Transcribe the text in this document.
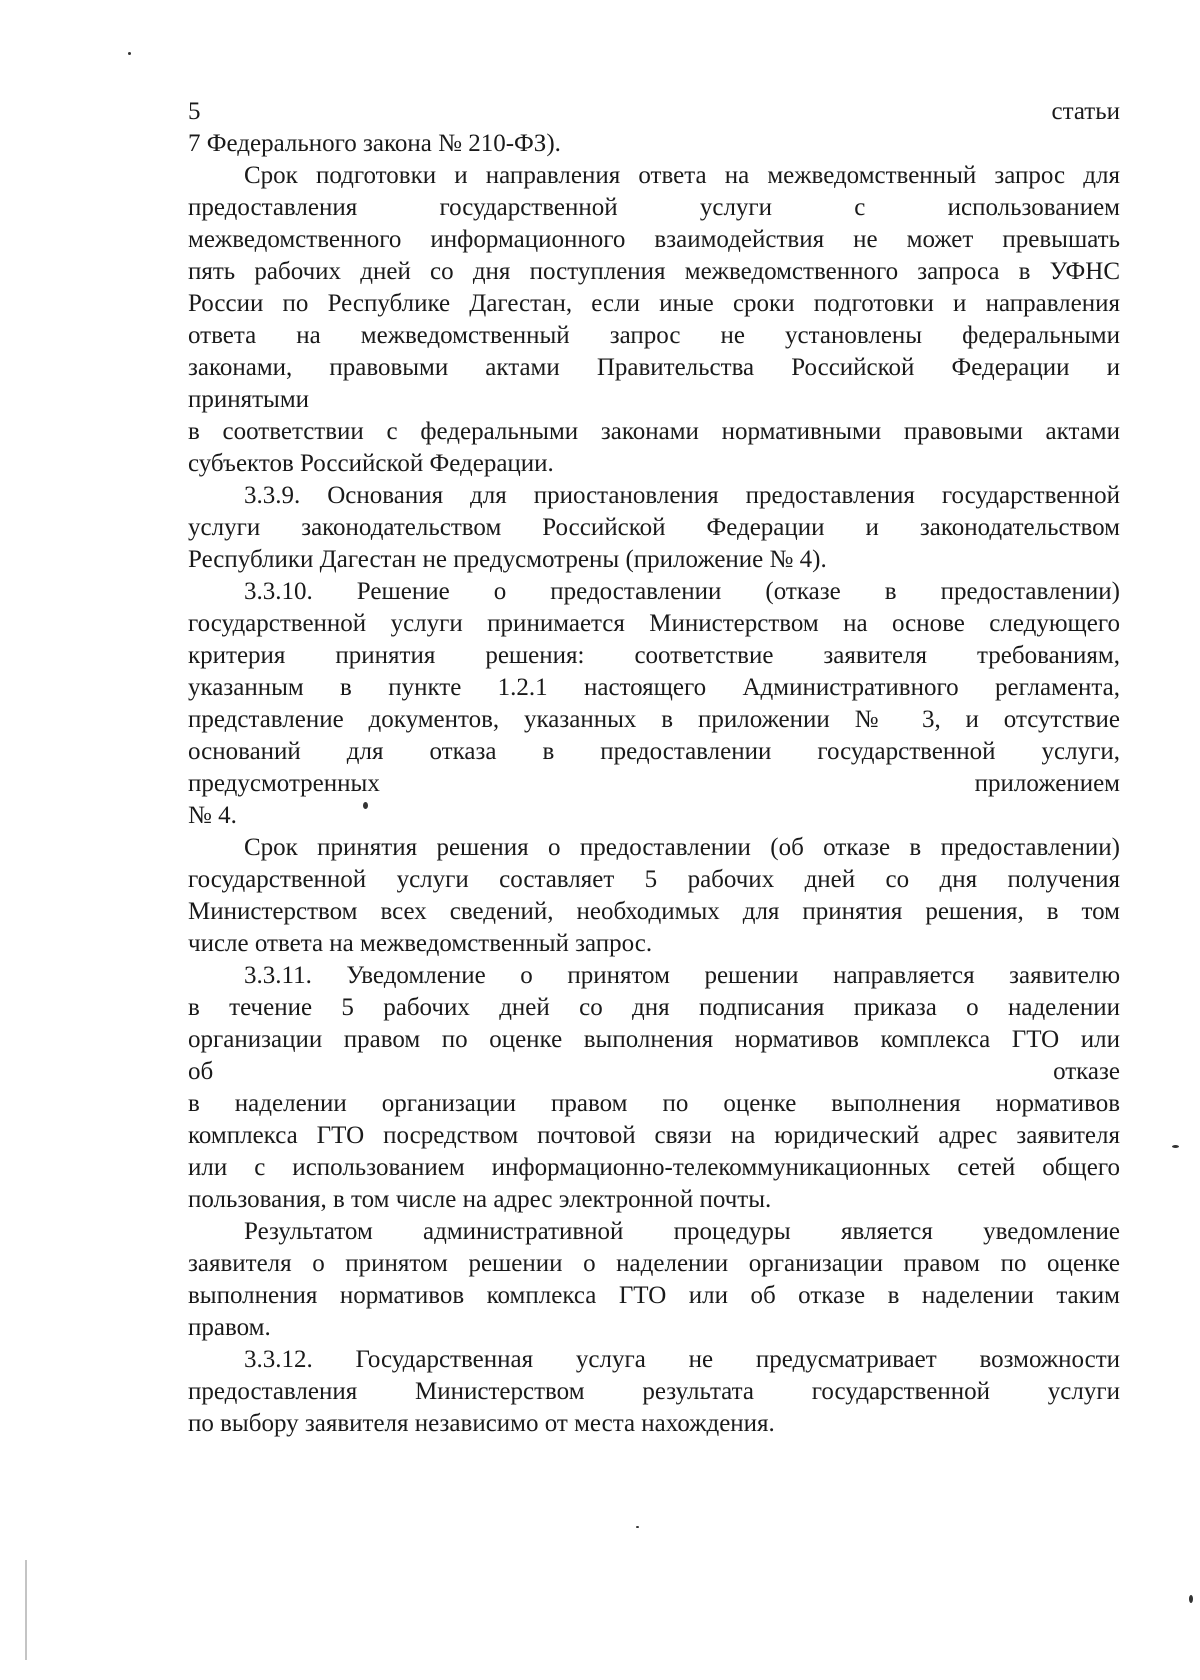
5	статьи
7 Федерального закона № 210-ФЗ).
Срок подготовки и направления ответа на межведомственный запрос для
предоставления государственной услуги с использованием
межведомственного информационного взаимодействия не может превышать
пять рабочих дней со дня поступления межведомственного запроса в УФНС
России по Республике Дагестан, если иные сроки подготовки и направления
ответа на межведомственный запрос не установлены федеральными
законами, правовыми актами Правительства Российской Федерации и
принятыми
в соответствии с федеральными законами нормативными правовыми актами
субъектов Российской Федерации.
3.3.9. Основания для приостановления предоставления государственной
услуги законодательством Российской Федерации и законодательством
Республики Дагестан не предусмотрены (приложение № 4).
3.3.10. Решение о предоставлении (отказе в предоставлении)
государственной услуги принимается Министерством на основе следующего
критерия принятия решения: соответствие заявителя требованиям,
указанным в пункте 1.2.1 настоящего Административного регламента,
представление документов, указанных в приложении № 3, и отсутствие
оснований для отказа в предоставлении государственной услуги,
предусмотренных приложением
№ 4.
Срок принятия решения о предоставлении (об отказе в предоставлении)
государственной услуги составляет 5 рабочих дней со дня получения
Министерством всех сведений, необходимых для принятия решения, в том
числе ответа на межведомственный запрос.
3.3.11. Уведомление о принятом решении направляется заявителю
в течение 5 рабочих дней со дня подписания приказа о наделении
организации правом по оценке выполнения нормативов комплекса ГТО или
об отказе
в наделении организации правом по оценке выполнения нормативов
комплекса ГТО посредством почтовой связи на юридический адрес заявителя
или с использованием информационно-телекоммуникационных сетей общего
пользования, в том числе на адрес электронной почты.
Результатом административной процедуры является уведомление
заявителя о принятом решении о наделении организации правом по оценке
выполнения нормативов комплекса ГТО или об отказе в наделении таким
правом.
3.3.12. Государственная услуга не предусматривает возможности
предоставления Министерством результата государственной услуги
по выбору заявителя независимо от места нахождения.
